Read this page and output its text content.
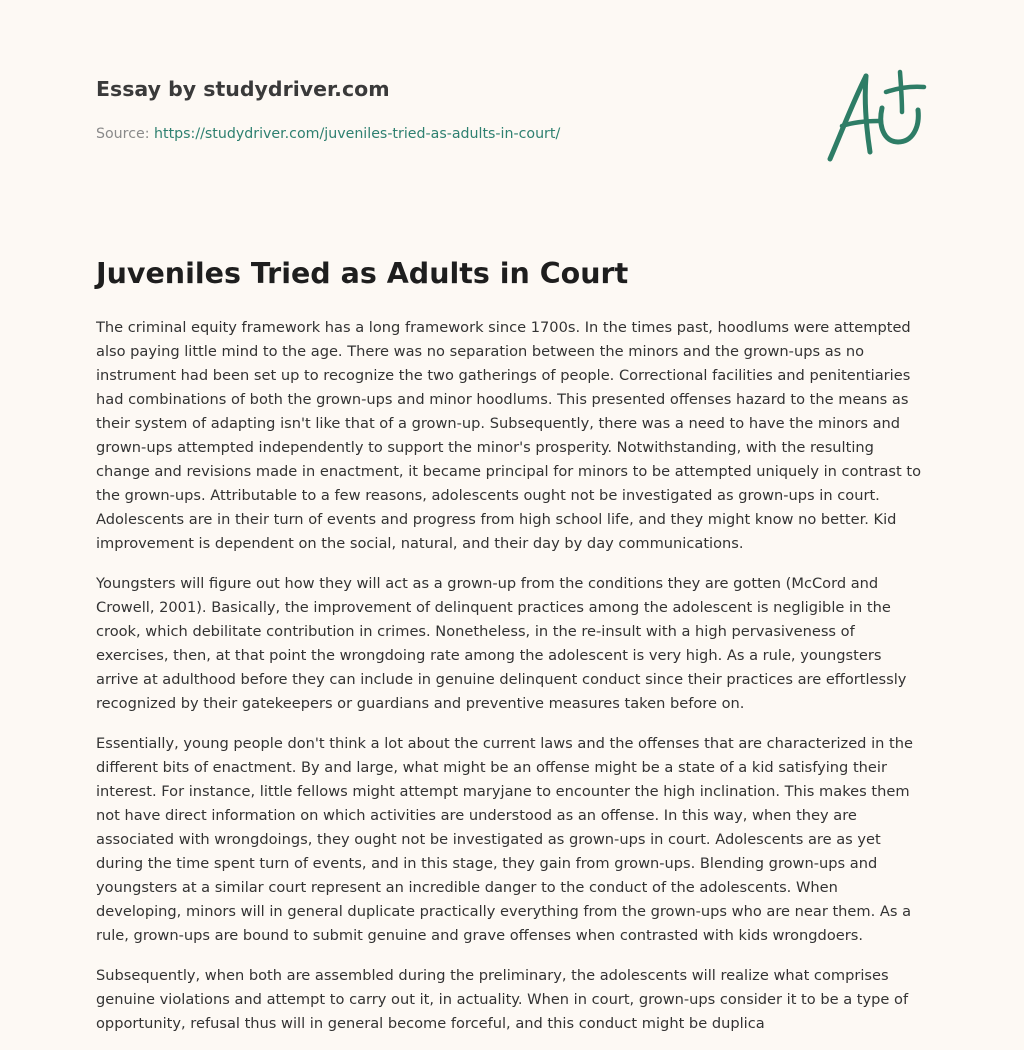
Essay by studydriver.com
Source: https://studydriver.com/juveniles-tried-as-adults-in-court/
Juveniles Tried as Adults in Court

The criminal equity framework has a long framework since 1700s. In the times past, hoodlums were attempted also paying little mind to the age. There was no separation between the minors and the grown-ups as no instrument had been set up to recognize the two gatherings of people. Correctional facilities and penitentiaries had combinations of both the grown-ups and minor hoodlums. This presented offenses hazard to the means as their system of adapting isn't like that of a grown-up. Subsequently, there was a need to have the minors and grown-ups attempted independently to support the minor's prosperity. Notwithstanding, with the resulting change and revisions made in enactment, it became principal for minors to be attempted uniquely in contrast to the grown-ups. Attributable to a few reasons, adolescents ought not be investigated as grown-ups in court. Adolescents are in their turn of events and progress from high school life, and they might know no better. Kid improvement is dependent on the social, natural, and their day by day communications.

Youngsters will figure out how they will act as a grown-up from the conditions they are gotten (McCord and Crowell, 2001). Basically, the improvement of delinquent practices among the adolescent is negligible in the crook, which debilitate contribution in crimes. Nonetheless, in the re-insult with a high pervasiveness of exercises, then, at that point the wrongdoing rate among the adolescent is very high. As a rule, youngsters arrive at adulthood before they can include in genuine delinquent conduct since their practices are effortlessly recognized by their gatekeepers or guardians and preventive measures taken before on.

Essentially, young people don't think a lot about the current laws and the offenses that are characterized in the different bits of enactment. By and large, what might be an offense might be a state of a kid satisfying their interest. For instance, little fellows might attempt maryjane to encounter the high inclination. This makes them not have direct information on which activities are understood as an offense. In this way, when they are associated with wrongdoings, they ought not be investigated as grown-ups in court. Adolescents are as yet during the time spent turn of events, and in this stage, they gain from grown-ups. Blending grown-ups and youngsters at a similar court represent an incredible danger to the conduct of the adolescents. When developing, minors will in general duplicate practically everything from the grown-ups who are near them. As a rule, grown-ups are bound to submit genuine and grave offenses when contrasted with kids wrongdoers.

Subsequently, when both are assembled during the preliminary, the adolescents will realize what comprises genuine violations and attempt to carry out it, in actuality. When in court, grown-ups consider it to be a type of opportunity, refusal thus will in general become forceful, and this conduct might be duplica
